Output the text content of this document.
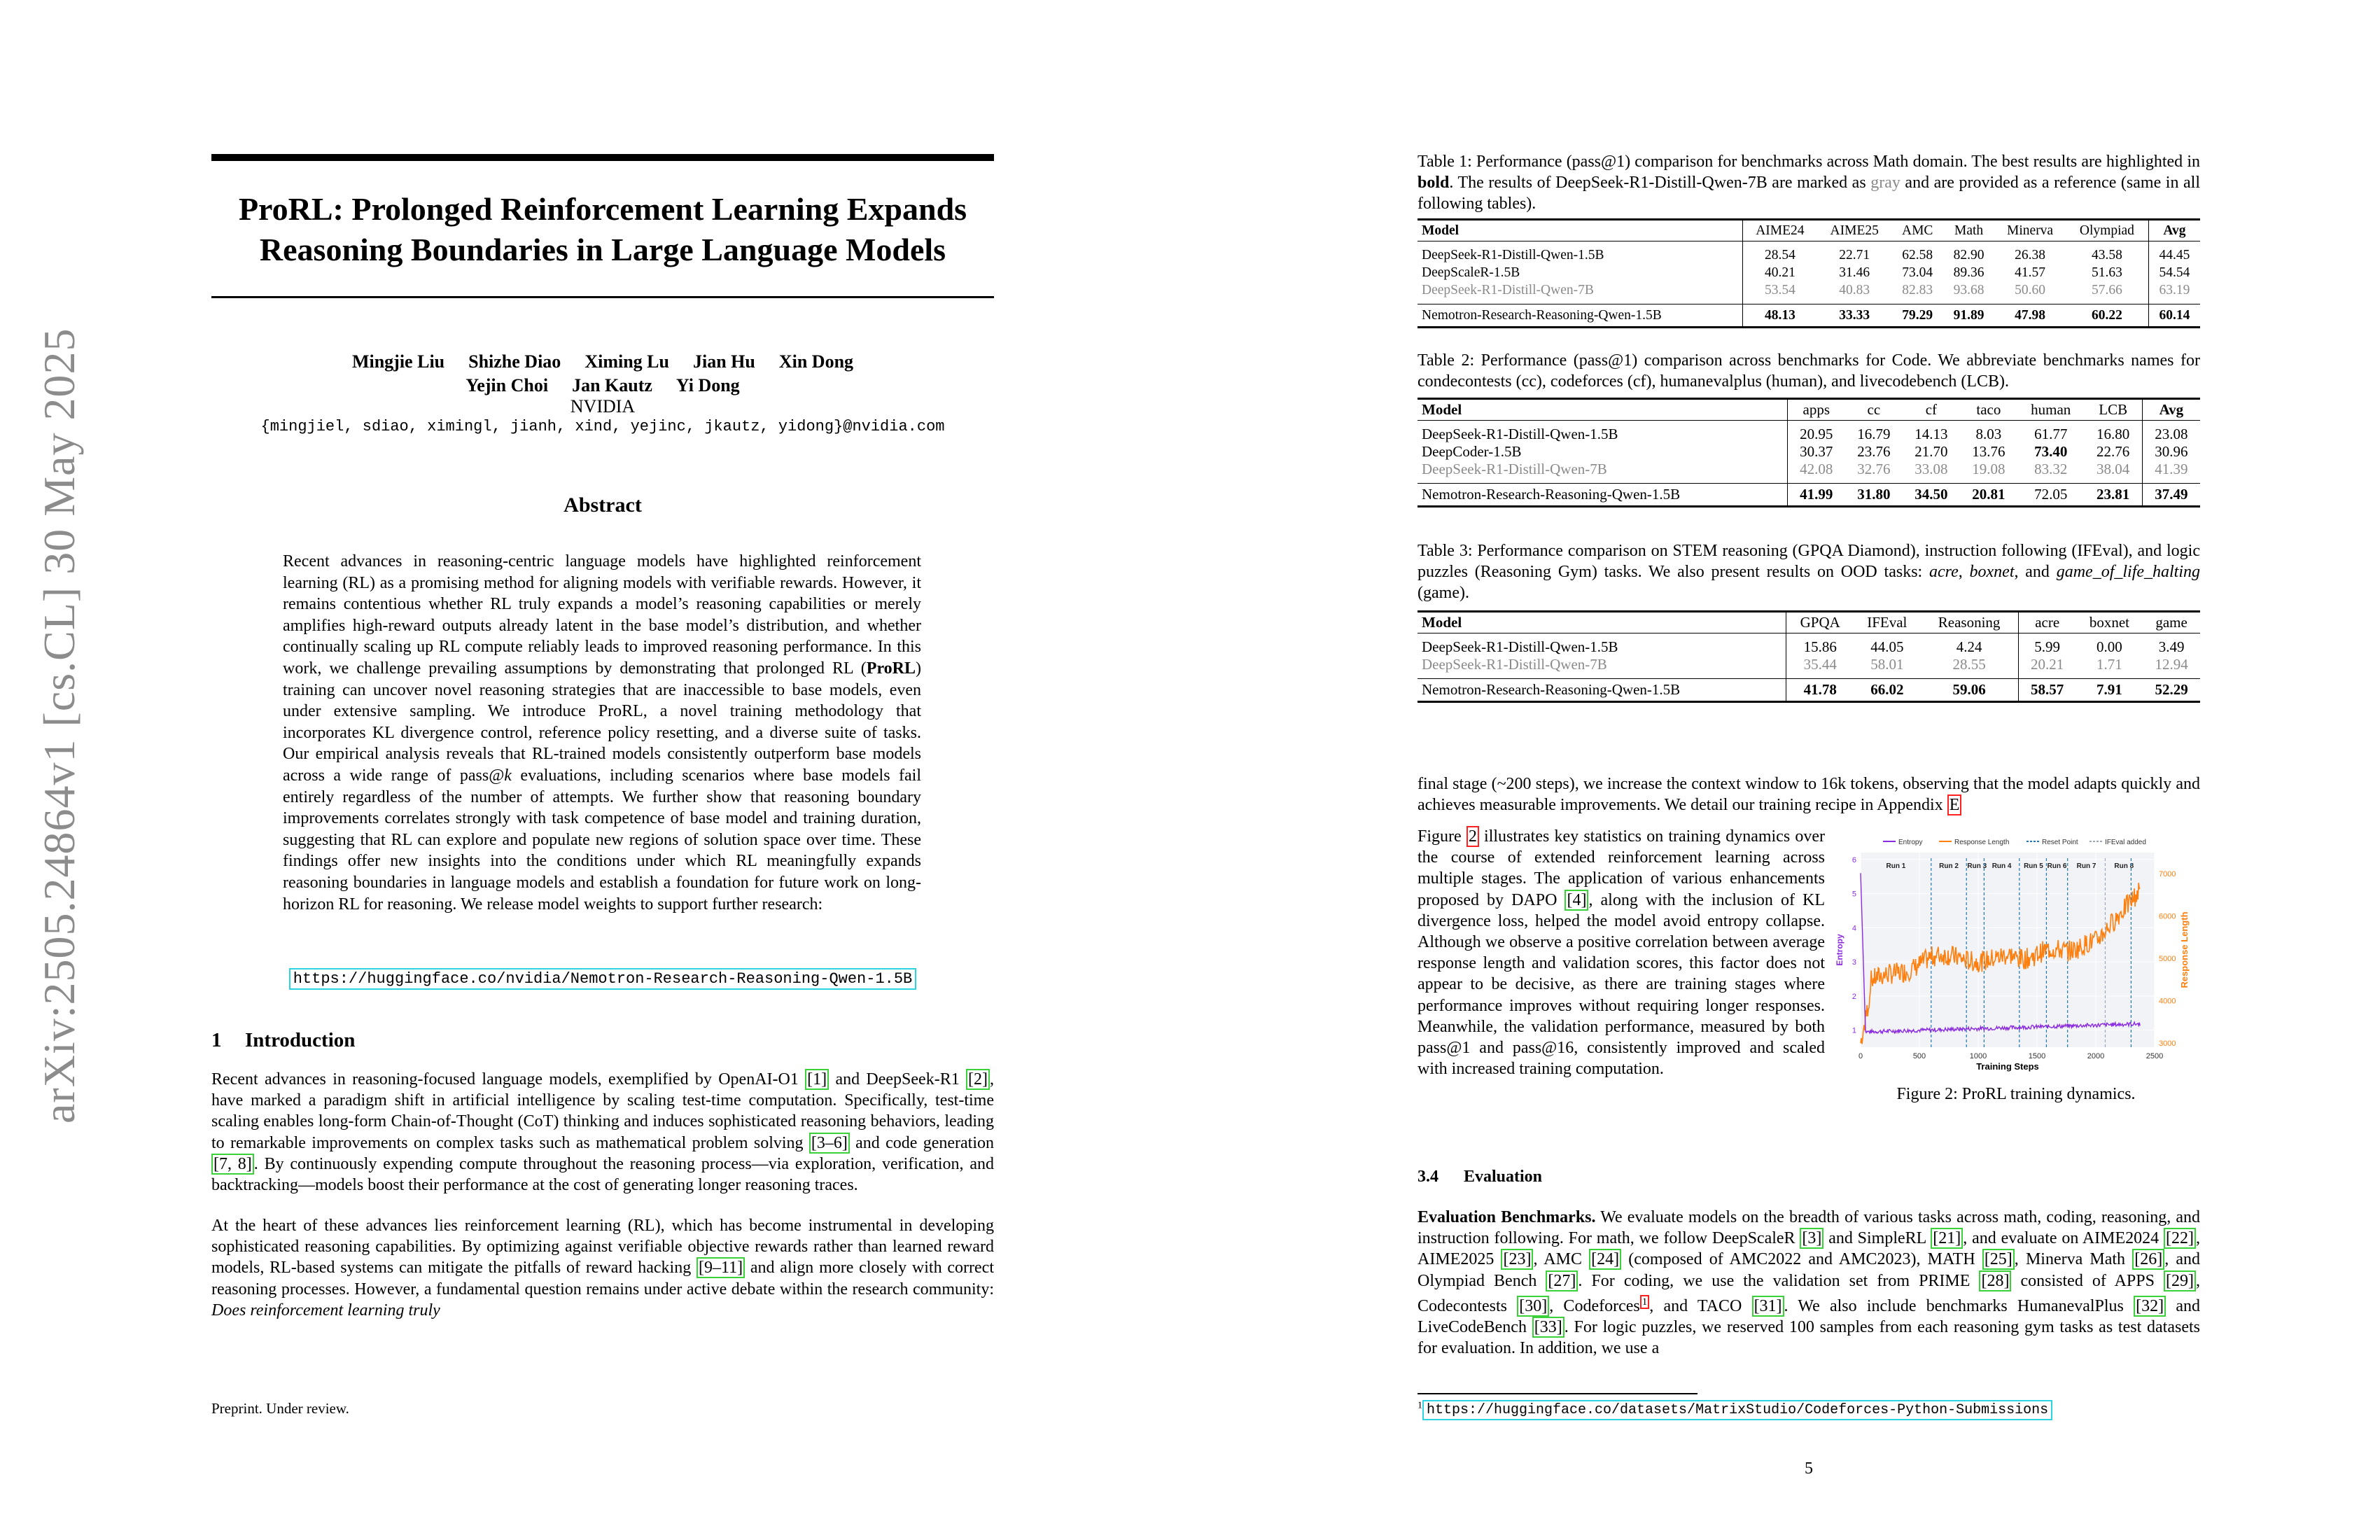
arXiv:2505.24864v1 [cs.CL] 30 May 2025
ProRL: Prolonged Reinforcement Learning Expands
Reasoning Boundaries in Large Language Models
Mingjie Liu Shizhe Diao Ximing Lu Jian Hu Xin Dong
Yejin Choi Jan Kautz Yi Dong
NVIDIA
{mingjiel, sdiao, ximingl, jianh, xind, yejinc, jkautz, yidong}@nvidia.com
Abstract
Recent advances in reasoning-centric language models have highlighted reinforcement learning (RL) as a promising method for aligning models with verifiable rewards. However, it remains contentious whether RL truly expands a model’s reasoning capabilities or merely amplifies high-reward outputs already latent in the base model’s distribution, and whether continually scaling up RL compute reliably leads to improved reasoning performance. In this work, we challenge prevailing assumptions by demonstrating that prolonged RL (ProRL) training can uncover novel reasoning strategies that are inaccessible to base models, even under extensive sampling. We introduce ProRL, a novel training methodology that incorporates KL divergence control, reference policy resetting, and a diverse suite of tasks. Our empirical analysis reveals that RL-trained models consistently outperform base models across a wide range of pass@k evaluations, including scenarios where base models fail entirely regardless of the number of attempts. We further show that reasoning boundary improvements correlates strongly with task competence of base model and training duration, suggesting that RL can explore and populate new regions of solution space over time. These findings offer new insights into the conditions under which RL meaningfully expands reasoning boundaries in language models and establish a foundation for future work on long-horizon RL for reasoning. We release model weights to support further research:
https://huggingface.co/nvidia/Nemotron-Research-Reasoning-Qwen-1.5B
1 Introduction
Recent advances in reasoning-focused language models, exemplified by OpenAI-O1 [1] and DeepSeek-R1 [2] , have marked a paradigm shift in artificial intelligence by scaling test-time computation. Specifically, test-time scaling enables long-form Chain-of-Thought (CoT) thinking and induces sophisticated reasoning behaviors, leading to remarkable improvements on complex tasks such as mathematical problem solving [3–6] and code generation [7, 8] . By continuously expending compute throughout the reasoning process—via exploration, verification, and backtracking—models boost their performance at the cost of generating longer reasoning traces.
At the heart of these advances lies reinforcement learning (RL), which has become instrumental in developing sophisticated reasoning capabilities. By optimizing against verifiable objective rewards rather than learned reward models, RL-based systems can mitigate the pitfalls of reward hacking [9–11] and align more closely with correct reasoning processes. However, a fundamental question remains under active debate within the research community: Does reinforcement learning truly
Preprint. Under review.
Table 1: Performance (pass@1) comparison for benchmarks across Math domain. The best results are highlighted in bold. The results of DeepSeek-R1-Distill-Qwen-7B are marked as gray and are provided as a reference (same in all following tables).
Model	AIME24	AIME25	AMC	Math	Minerva	Olympiad	Avg
DeepSeek-R1-Distill-Qwen-1.5B	28.54	22.71	62.58	82.90	26.38	43.58	44.45
DeepScaleR-1.5B	40.21	31.46	73.04	89.36	41.57	51.63	54.54
DeepSeek-R1-Distill-Qwen-7B	53.54	40.83	82.83	93.68	50.60	57.66	63.19
Nemotron-Research-Reasoning-Qwen-1.5B	48.13	33.33	79.29	91.89	47.98	60.22	60.14
Table 2: Performance (pass@1) comparison across benchmarks for Code. We abbreviate benchmarks names for condecontests (cc), codeforces (cf), humanevalplus (human), and livecodebench (LCB).
Model	apps	cc	cf	taco	human	LCB	Avg
DeepSeek-R1-Distill-Qwen-1.5B	20.95	16.79	14.13	8.03	61.77	16.80	23.08
DeepCoder-1.5B	30.37	23.76	21.70	13.76	73.40	22.76	30.96
DeepSeek-R1-Distill-Qwen-7B	42.08	32.76	33.08	19.08	83.32	38.04	41.39
Nemotron-Research-Reasoning-Qwen-1.5B	41.99	31.80	34.50	20.81	72.05	23.81	37.49
Table 3: Performance comparison on STEM reasoning (GPQA Diamond), instruction following (IFEval), and logic puzzles (Reasoning Gym) tasks. We also present results on OOD tasks: acre, boxnet, and game_of_life_halting (game).
Model	GPQA	IFEval	Reasoning	acre	boxnet	game
DeepSeek-R1-Distill-Qwen-1.5B	15.86	44.05	4.24	5.99	0.00	3.49
DeepSeek-R1-Distill-Qwen-7B	35.44	58.01	28.55	20.21	1.71	12.94
Nemotron-Research-Reasoning-Qwen-1.5B	41.78	66.02	59.06	58.57	7.91	52.29
final stage (~200 steps), we increase the context window to 16k tokens, observing that the model adapts quickly and achieves measurable improvements. We detail our training recipe in Appendix E
Figure 2 illustrates key statistics on training dynamics over the course of extended reinforcement learning across multiple stages. The application of various enhancements proposed by DAPO [4] , along with the inclusion of KL divergence loss, helped the model avoid entropy collapse. Although we observe a positive correlation between average response length and validation scores, this factor does not appear to be decisive, as there are training stages where performance improves without requiring longer responses. Meanwhile, the validation performance, measured by both pass@1 and pass@16, consistently improved and scaled with increased training computation.
Entropy	Response Length	Reset Point	IFEval added
Run 1	Run 2 Run 3 Run 4 Run 5 Run 6 Run 7	Run 8
0	500	1000	1500	2000	2500
1
2
3
4
5
6
3000
4000
5000
6000
7000
Training Steps
Entropy	Response Length
Figure 2: ProRL training dynamics.
3.4 Evaluation
Evaluation Benchmarks. We evaluate models on the breadth of various tasks across math, coding, reasoning, and instruction following. For math, we follow DeepScaleR [3] and SimpleRL [21] , and evaluate on AIME2024 [22] , AIME2025 [23] , AMC [24] (composed of AMC2022 and AMC2023), MATH [25] , Minerva Math [26] , and Olympiad Bench [27] . For coding, we use the validation set from PRIME [28] consisted of APPS [29] , Codecontests [30] , Codeforces $^1$ , and TACO [31] . We also include benchmarks HumanevalPlus [32] and LiveCodeBench [33] . For logic puzzles, we reserved 100 samples from each reasoning gym tasks as test datasets for evaluation. In addition, we use a
$^1$ https://huggingface.co/datasets/MatrixStudio/Codeforces-Python-Submissions
5
